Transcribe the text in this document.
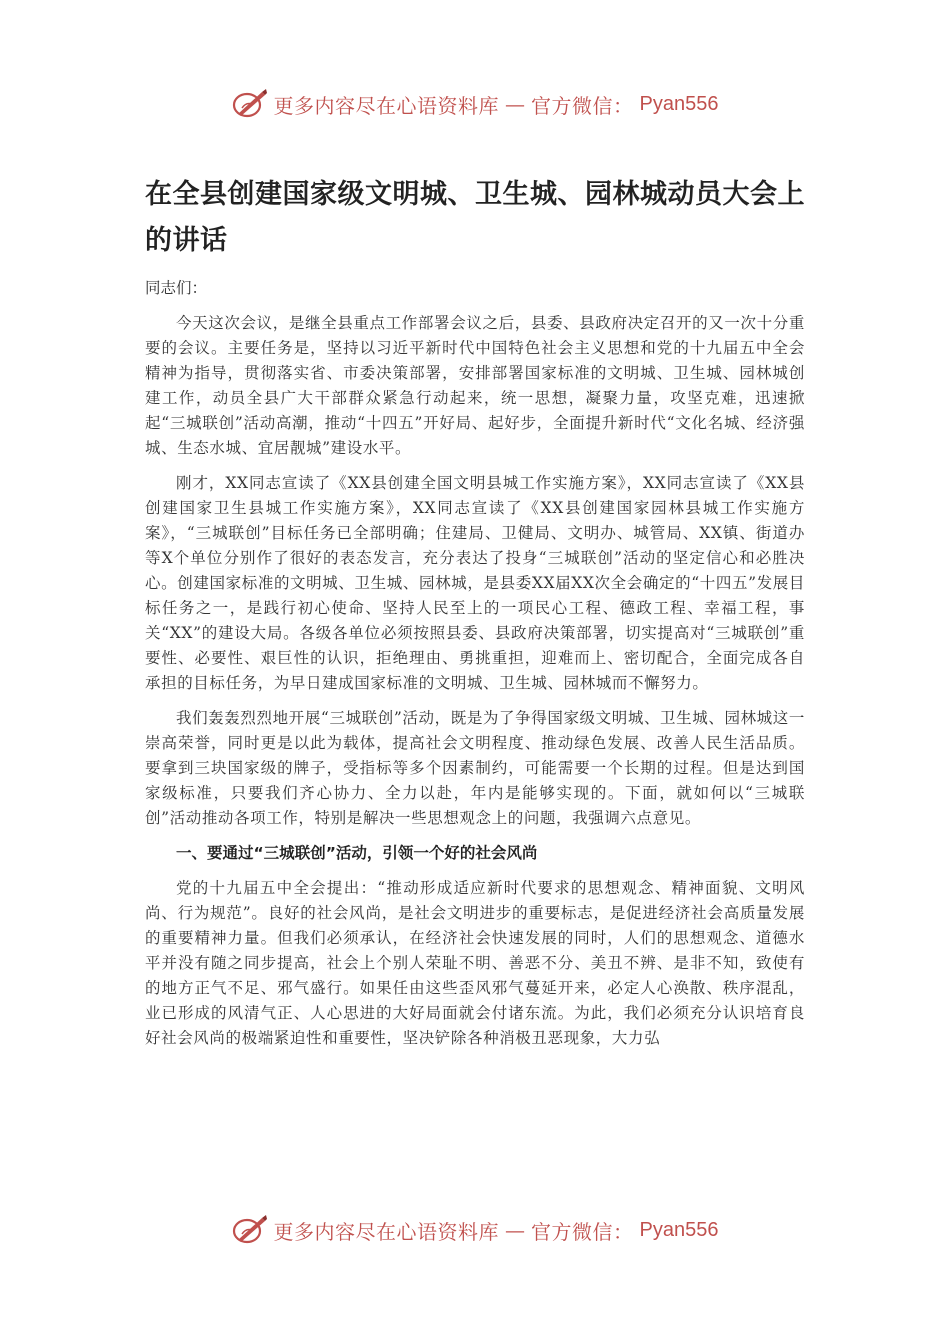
更多内容尽在心语资料库 — 官方微信： Pyan556
在全县创建国家级文明城、卫生城、园林城动员大会上的讲话

同志们：

今天这次会议，是继全县重点工作部署会议之后，县委、县政府决定召开的又一次十分重要的会议。主要任务是，坚持以习近平新时代中国特色社会主义思想和党的十九届五中全会精神为指导，贯彻落实省、市委决策部署，安排部署国家标准的文明城、卫生城、园林城创建工作，动员全县广大干部群众紧急行动起来，统一思想，凝聚力量，攻坚克难，迅速掀起“三城联创”活动高潮，推动“十四五”开好局、起好步，全面提升新时代“文化名城、经济强城、生态水城、宜居靓城”建设水平。

刚才，XX同志宣读了《XX县创建全国文明县城工作实施方案》，XX同志宣读了《XX县创建国家卫生县城工作实施方案》，XX同志宣读了《XX县创建国家园林县城工作实施方案》，“三城联创”目标任务已全部明确；住建局、卫健局、文明办、城管局、XX镇、街道办等X个单位分别作了很好的表态发言，充分表达了投身“三城联创”活动的坚定信心和必胜决心。创建国家标准的文明城、卫生城、园林城，是县委XX届XX次全会确定的“十四五”发展目标任务之一，是践行初心使命、坚持人民至上的一项民心工程、德政工程、幸福工程，事关“XX”的建设大局。各级各单位必须按照县委、县政府决策部署，切实提高对“三城联创”重要性、必要性、艰巨性的认识，拒绝理由、勇挑重担，迎难而上、密切配合，全面完成各自承担的目标任务，为早日建成国家标准的文明城、卫生城、园林城而不懈努力。

我们轰轰烈烈地开展“三城联创”活动，既是为了争得国家级文明城、卫生城、园林城这一崇高荣誉，同时更是以此为载体，提高社会文明程度、推动绿色发展、改善人民生活品质。要拿到三块国家级的牌子，受指标等多个因素制约，可能需要一个长期的过程。但是达到国家级标准，只要我们齐心协力、全力以赴，年内是能够实现的。下面，就如何以“三城联创”活动推动各项工作，特别是解决一些思想观念上的问题，我强调六点意见。

一、要通过“三城联创”活动，引领一个好的社会风尚

党的十九届五中全会提出：“推动形成适应新时代要求的思想观念、精神面貌、文明风尚、行为规范”。良好的社会风尚，是社会文明进步的重要标志，是促进经济社会高质量发展的重要精神力量。但我们必须承认，在经济社会快速发展的同时，人们的思想观念、道德水平并没有随之同步提高，社会上个别人荣耻不明、善恶不分、美丑不辨、是非不知，致使有的地方正气不足、邪气盛行。如果任由这些歪风邪气蔓延开来，必定人心涣散、秩序混乱，业已形成的风清气正、人心思进的大好局面就会付诸东流。为此，我们必须充分认识培育良好社会风尚的极端紧迫性和重要性，坚决铲除各种消极丑恶现象，大力弘

更多内容尽在心语资料库 — 官方微信： Pyan556
